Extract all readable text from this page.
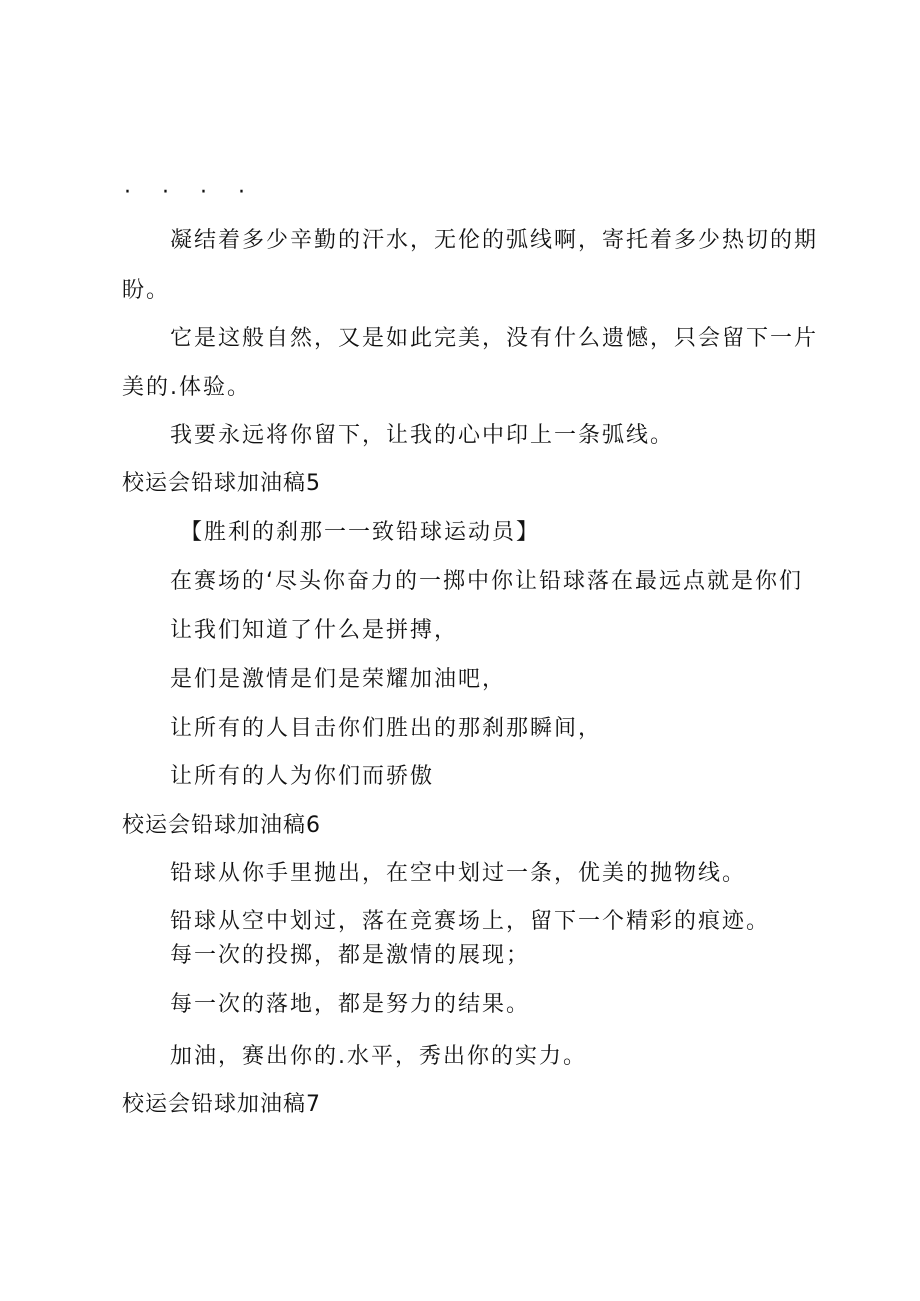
· · · ·
凝结着多少辛勤的汗水，无伦的弧线啊，寄托着多少热切的期
盼。
它是这般自然，又是如此完美，没有什么遗憾，只会留下一片
美的.体验。
我要永远将你留下，让我的心中印上一条弧线。
校运会铅球加油稿5
【胜利的刹那一一致铅球运动员】
在赛场的‘尽头你奋力的一掷中你让铅球落在最远点就是你们
让我们知道了什么是拼搏，
是们是激情是们是荣耀加油吧，
让所有的人目击你们胜出的那刹那瞬间，
让所有的人为你们而骄傲
校运会铅球加油稿6
铅球从你手里抛出，在空中划过一条，优美的抛物线。
铅球从空中划过，落在竞赛场上，留下一个精彩的痕迹。
每一次的投掷，都是激情的展现；
每一次的落地，都是努力的结果。
加油，赛出你的.水平，秀出你的实力。
校运会铅球加油稿7
